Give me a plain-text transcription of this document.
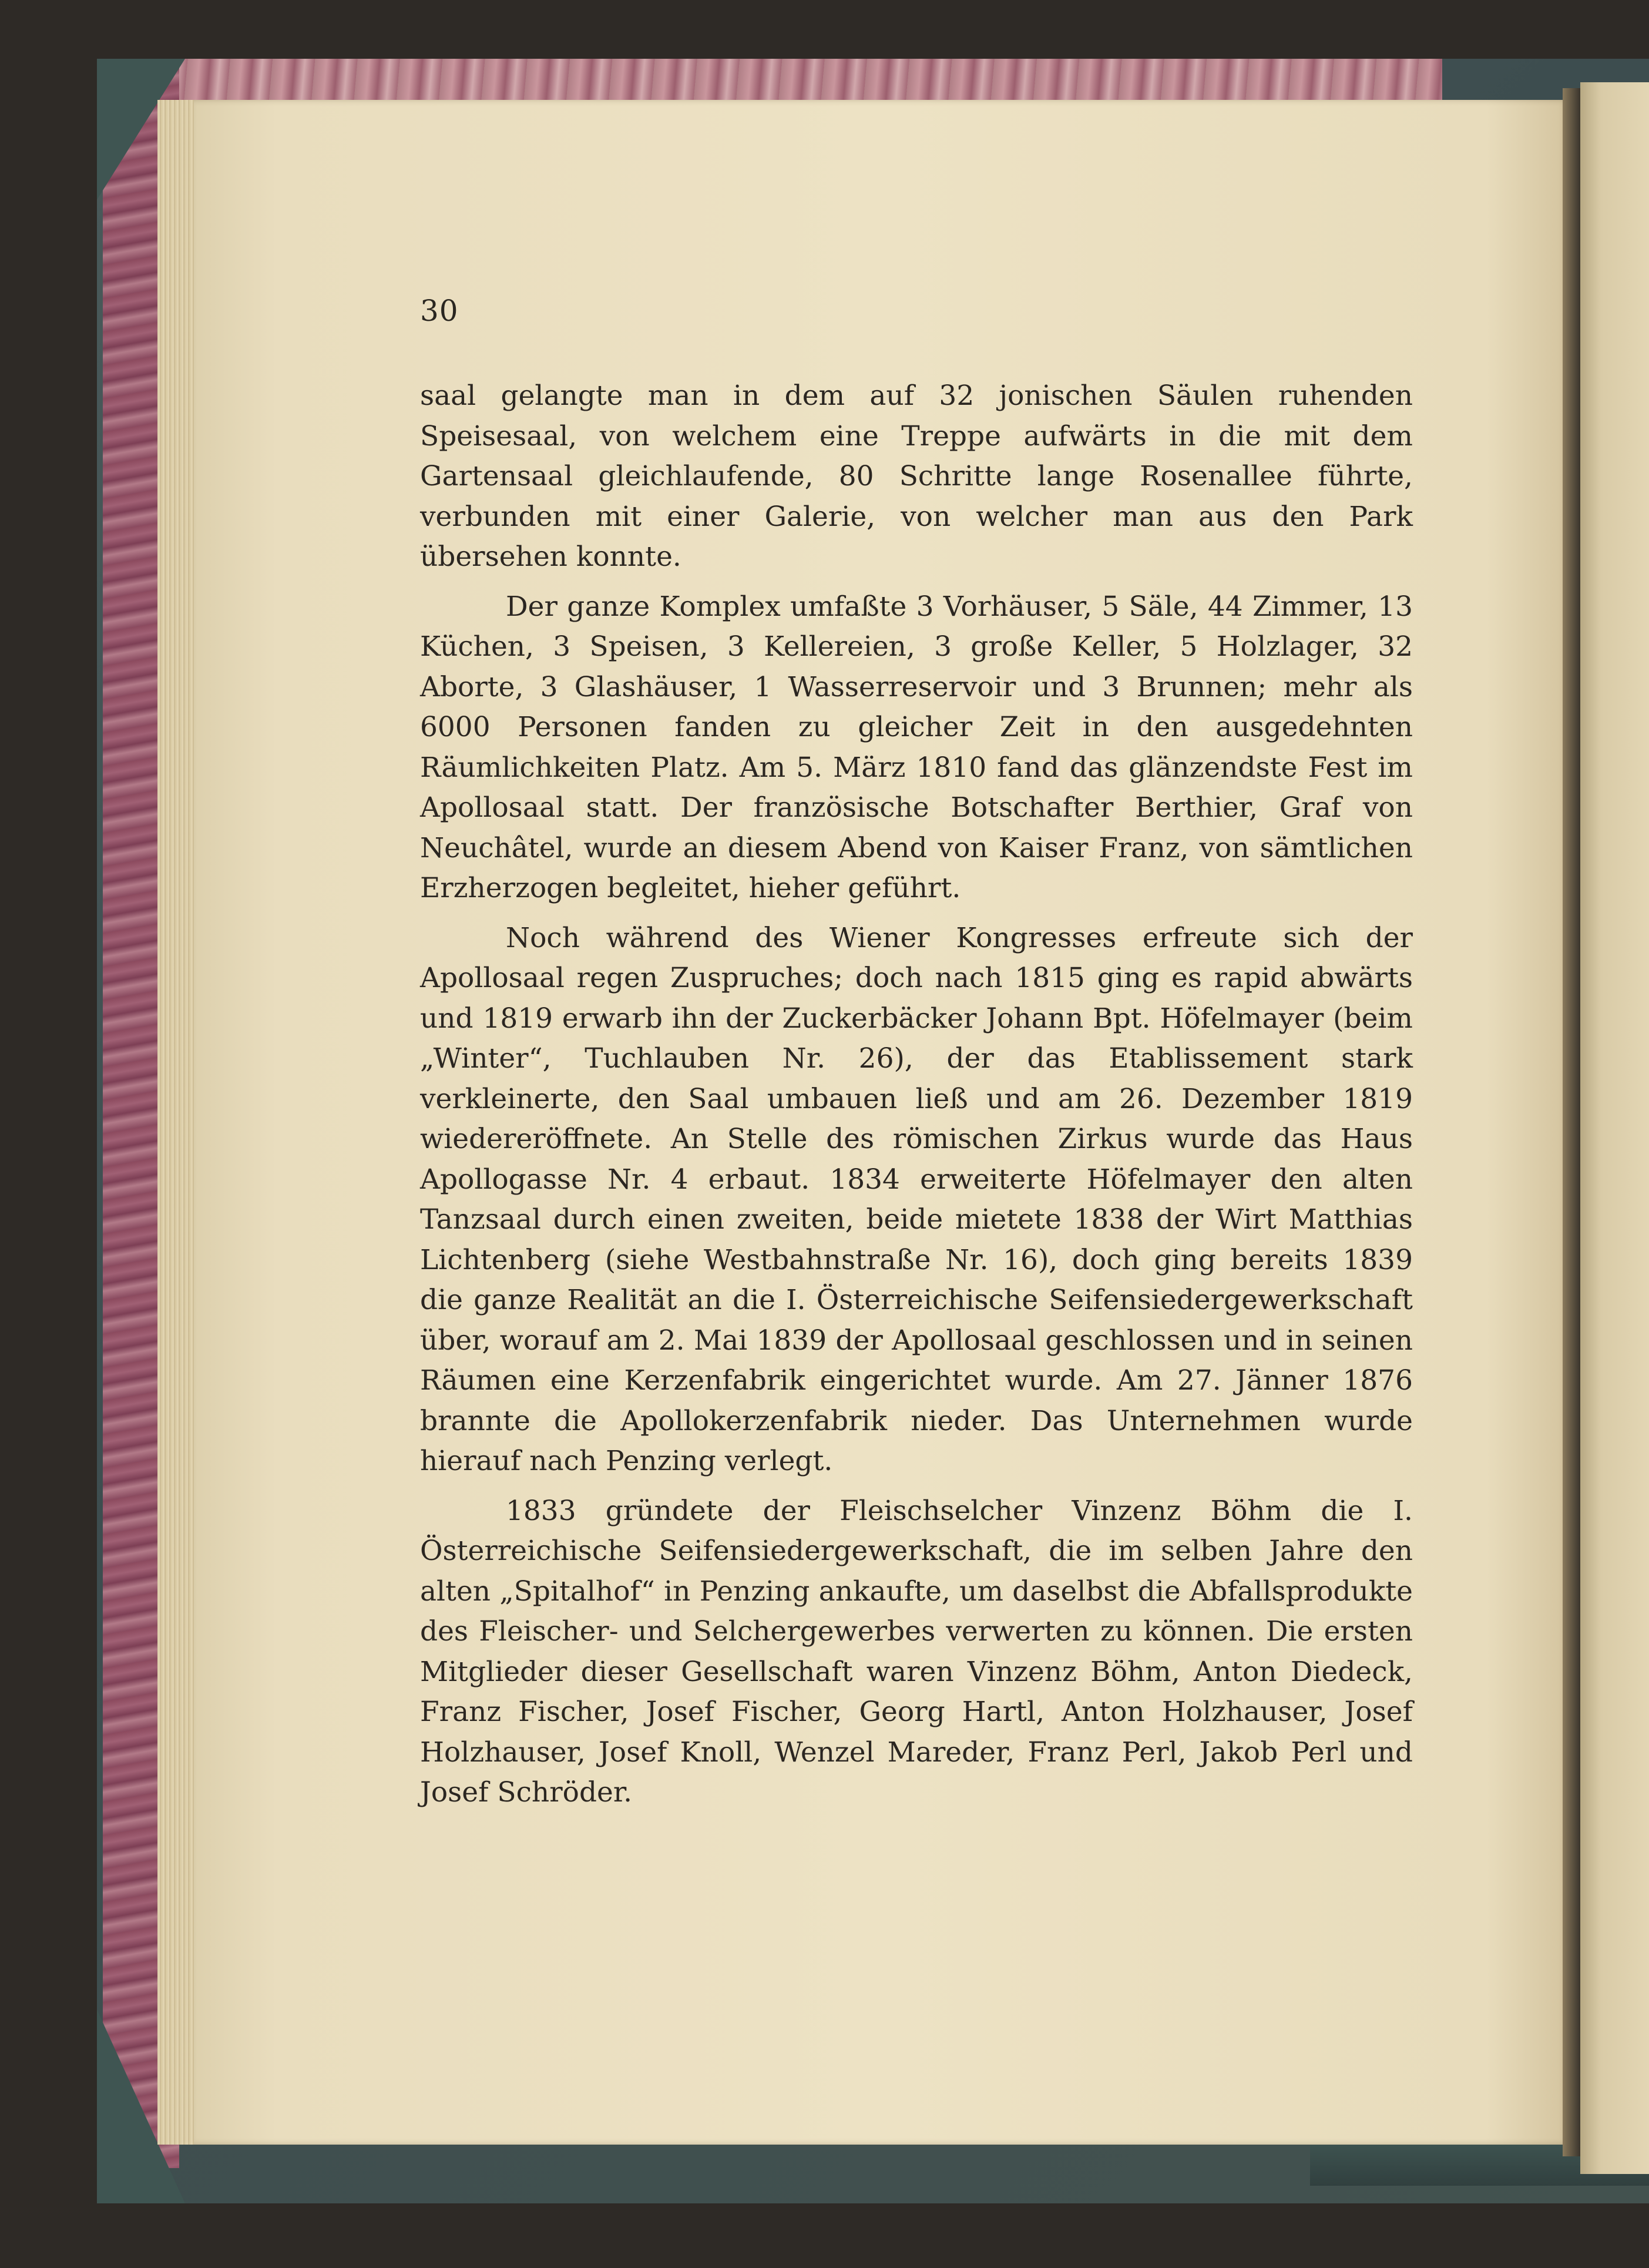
30

saal gelangte man in dem auf 32 jonischen Säulen ruhenden Speisesaal, von welchem eine Treppe aufwärts in die mit dem Gartensaal gleichlaufende, 80 Schritte lange Rosenallee führte, verbunden mit einer Galerie, von welcher man aus den Park übersehen konnte.

Der ganze Komplex umfaßte 3 Vorhäuser, 5 Säle, 44 Zimmer, 13 Küchen, 3 Speisen, 3 Kellereien, 3 große Keller, 5 Holzlager, 32 Aborte, 3 Glashäuser, 1 Wasserreservoir und 3 Brunnen; mehr als 6000 Personen fanden zu gleicher Zeit in den ausgedehnten Räumlichkeiten Platz. Am 5. März 1810 fand das glänzendste Fest im Apollosaal statt. Der französische Botschafter Berthier, Graf von Neuchâtel, wurde an diesem Abend von Kaiser Franz, von sämtlichen Erzherzogen begleitet, hieher geführt.

Noch während des Wiener Kongresses erfreute sich der Apollosaal regen Zuspruches; doch nach 1815 ging es rapid abwärts und 1819 erwarb ihn der Zuckerbäcker Johann Bpt. Höfelmayer (beim „Winter“, Tuchlauben Nr. 26), der das Etablissement stark verkleinerte, den Saal umbauen ließ und am 26. Dezember 1819 wiedereröffnete. An Stelle des römischen Zirkus wurde das Haus Apollogasse Nr. 4 erbaut. 1834 erweiterte Höfelmayer den alten Tanzsaal durch einen zweiten, beide mietete 1838 der Wirt Matthias Lichtenberg (siehe Westbahnstraße Nr. 16), doch ging bereits 1839 die ganze Realität an die I. Österreichische Seifensiedergewerkschaft über, worauf am 2. Mai 1839 der Apollosaal geschlossen und in seinen Räumen eine Kerzenfabrik eingerichtet wurde. Am 27. Jänner 1876 brannte die Apollokerzenfabrik nieder. Das Unternehmen wurde hierauf nach Penzing verlegt.

1833 gründete der Fleischselcher Vinzenz Böhm die I. Österreichische Seifensiedergewerkschaft, die im selben Jahre den alten „Spitalhof“ in Penzing ankaufte, um daselbst die Abfallsprodukte des Fleischer- und Selchergewerbes verwerten zu können. Die ersten Mitglieder dieser Gesellschaft waren Vinzenz Böhm, Anton Diedeck, Franz Fischer, Josef Fischer, Georg Hartl, Anton Holzhauser, Josef Holzhauser, Josef Knoll, Wenzel Mareder, Franz Perl, Jakob Perl und Josef Schröder.
